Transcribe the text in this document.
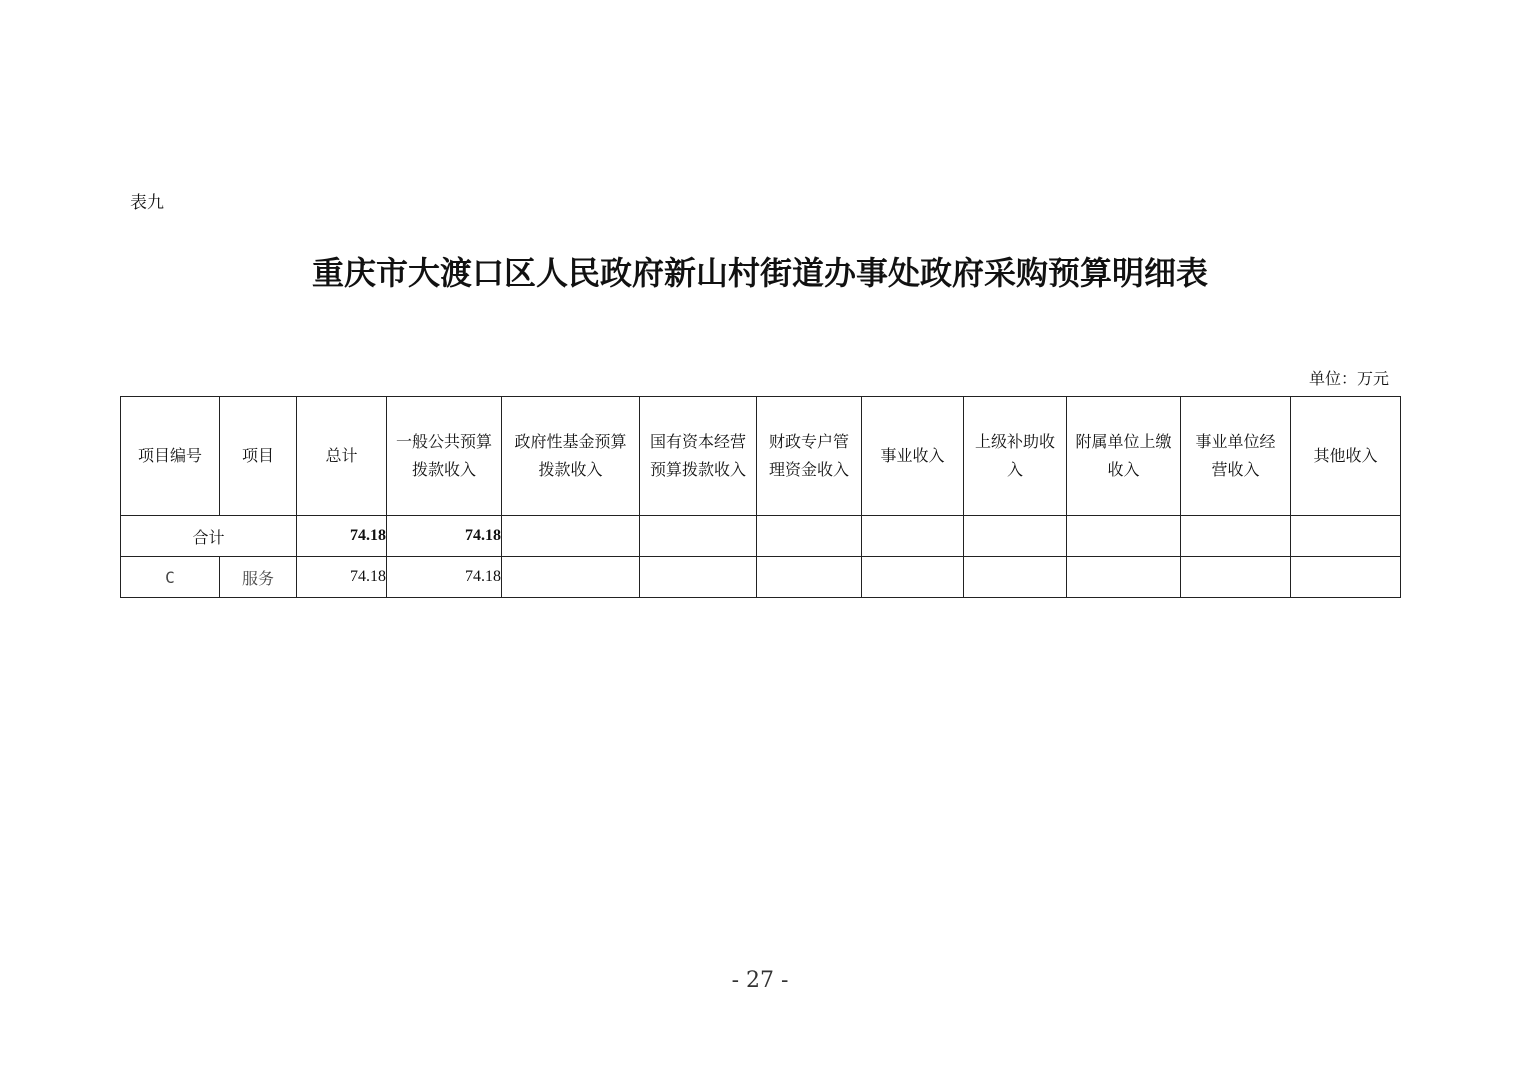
表九
重庆市大渡口区人民政府新山村街道办事处政府采购预算明细表
单位：万元
项目编号	项目	总计	一般公共预算拨款收入	政府性基金预算拨款收入	国有资本经营预算拨款收入	财政专户管理资金收入	事业收入	上级补助收入	附属单位上缴收入	事业单位经营收入	其他收入
合计		74.18	74.18								
C	服务	74.18	74.18								
- 27 -
